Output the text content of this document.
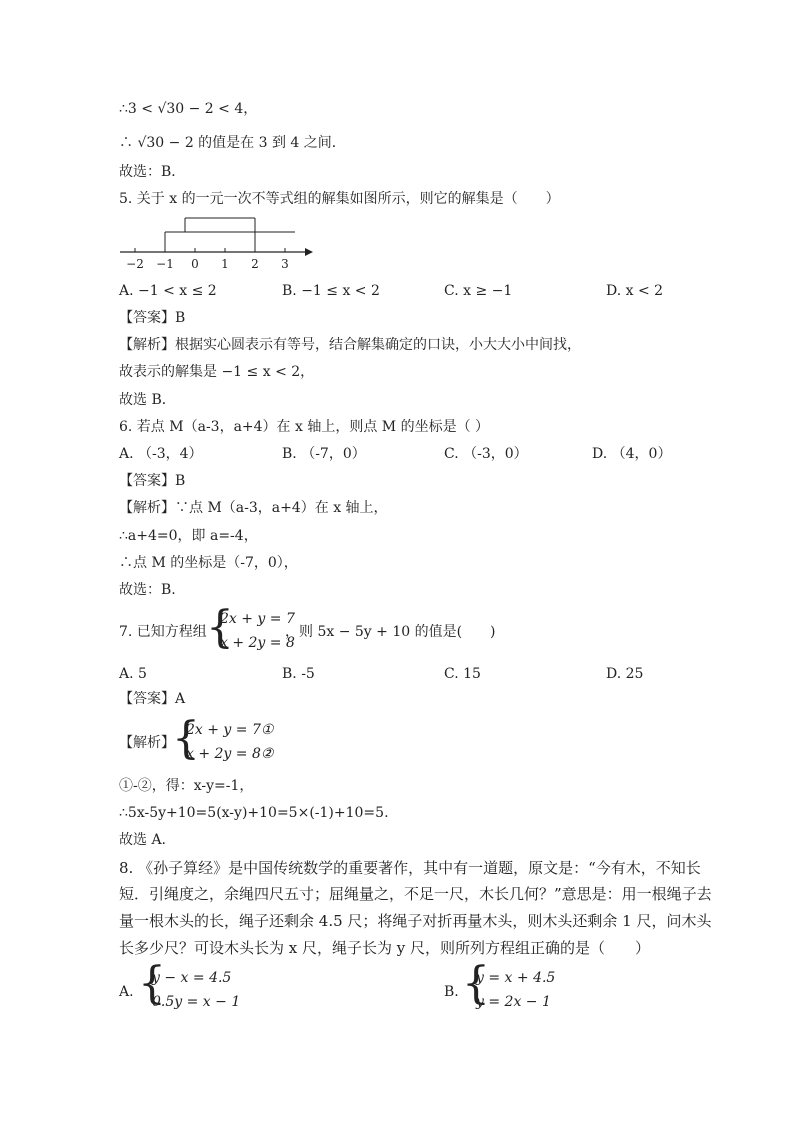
∴3 < √30 − 2 < 4，
∴ √30 − 2 的值是在 3 到 4 之间．
故选：B．
5. 关于 x 的一元一次不等式组的解集如图所示，则它的解集是（　　）
−2 −1 0 1 2 3
A. −1 < x ≤ 2	B. −1 ≤ x < 2	C. x ≥ −1	D. x < 2
【答案】B
【解析】根据实心圆表示有等号，结合解集确定的口诀，小大大小中间找，
故表示的解集是 −1 ≤ x < 2，
故选 B．
6. 若点 M（a-3，a+4）在 x 轴上，则点 M 的坐标是（ ）
A. （-3，4）	B. （-7，0）	C. （-3，0）	D. （4，0）
【答案】B
【解析】∵点 M（a-3，a+4）在 x 轴上，
∴a+4=0，即 a=-4，
∴点 M 的坐标是（-7，0），
故选：B.
7. 已知方程组 {
2x + y = 7
x + 2y = 8
，则 5x − 5y + 10 的值是(　　)
A. 5	B. -5	C. 15	D. 25
【答案】A
【解析】
{
2x + y = 7①
x + 2y = 8②
，
①-②，得：x-y=-1，
∴5x-5y+10=5(x-y)+10=5×(-1)+10=5.
故选 A.
8. 《孙子算经》是中国传统数学的重要著作，其中有一道题，原文是：“今有木，不知长
短．引绳度之，余绳四尺五寸；屈绳量之，不足一尺，木长几何？”意思是：用一根绳子去
量一根木头的长，绳子还剩余 4.5 尺；将绳子对折再量木头，则木头还剩余 1 尺，问木头
长多少尺？可设木头长为 x 尺，绳子长为 y 尺，则所列方程组正确的是（　　）
A. {
y − x = 4.5
0.5y = x − 1
B. {
y = x + 4.5
y = 2x − 1
